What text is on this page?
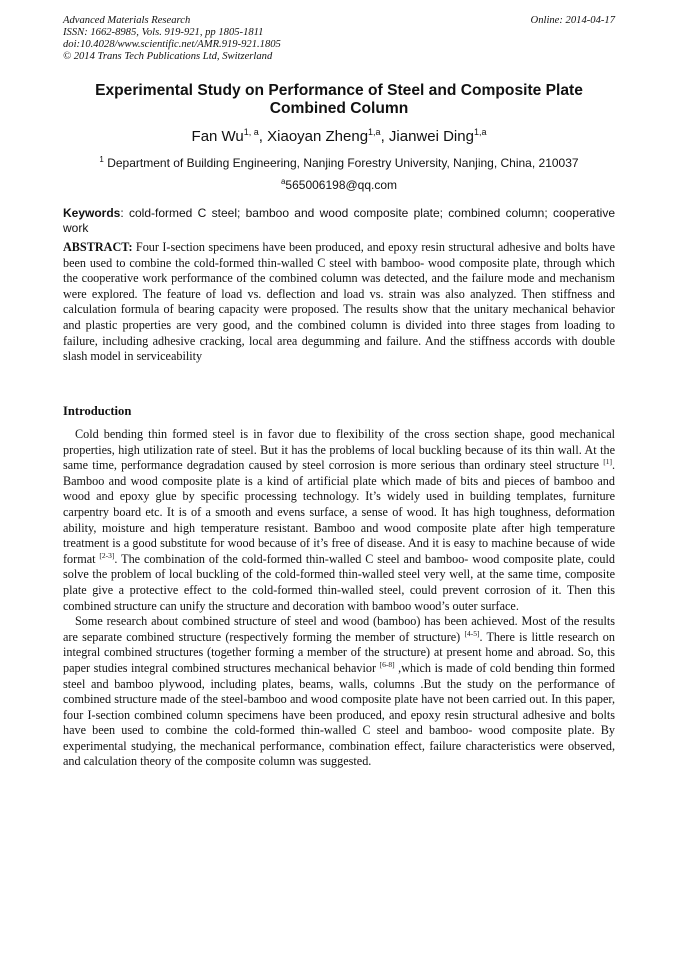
Advanced Materials Research
ISSN: 1662-8985, Vols. 919-921, pp 1805-1811
doi:10.4028/www.scientific.net/AMR.919-921.1805
© 2014 Trans Tech Publications Ltd, Switzerland
Online: 2014-04-17
Experimental Study on Performance of Steel and Composite Plate Combined Column
Fan Wu$^{1, a}$, Xiaoyan Zheng$^{1,a}$, Jianwei Ding$^{1,a}$
$^1$ Department of Building Engineering, Nanjing Forestry University, Nanjing, China, 210037
$^a$565006198@qq.com
Keywords: cold-formed C steel; bamboo and wood composite plate; combined column; cooperative work
ABSTRACT: Four I-section specimens have been produced, and epoxy resin structural adhesive and bolts have been used to combine the cold-formed thin-walled C steel with bamboo- wood composite plate, through which the cooperative work performance of the combined column was detected, and the failure mode and mechanism were explored. The feature of load vs. deflection and load vs. strain was also analyzed. Then stiffness and calculation formula of bearing capacity were proposed. The results show that the unitary mechanical behavior and plastic properties are very good, and the combined column is divided into three stages from loading to failure, including adhesive cracking, local area degumming and failure. And the stiffness accords with double slash model in serviceability
Introduction

Cold bending thin formed steel is in favor due to flexibility of the cross section shape, good mechanical properties, high utilization rate of steel. But it has the problems of local buckling because of its thin wall. At the same time, performance degradation caused by steel corrosion is more serious than ordinary steel structure [1]. Bamboo and wood composite plate is a kind of artificial plate which made of bits and pieces of bamboo and wood and epoxy glue by specific processing technology. It’s widely used in building templates, furniture carpentry board etc. It is of a smooth and evens surface, a sense of wood. It has high toughness, deformation ability, moisture and high temperature resistant. Bamboo and wood composite plate after high temperature treatment is a good substitute for wood because of it’s free of disease. And it is easy to machine because of wide format [2-3]. The combination of the cold-formed thin-walled C steel and bamboo- wood composite plate, could solve the problem of local buckling of the cold-formed thin-walled steel very well, at the same time, composite plate give a protective effect to the cold-formed thin-walled steel, could prevent corrosion of it. Then this combined structure can unify the structure and decoration with bamboo wood’s outer surface.

Some research about combined structure of steel and wood (bamboo) has been achieved. Most of the results are separate combined structure (respectively forming the member of structure) [4-5]. There is little research on integral combined structures (together forming a member of the structure) at present home and abroad. So, this paper studies integral combined structures mechanical behavior [6-8] ,which is made of cold bending thin formed steel and bamboo plywood, including plates, beams, walls, columns .But the study on the performance of combined structure made of the steel-bamboo and wood composite plate have not been carried out. In this paper, four I-section combined column specimens have been produced, and epoxy resin structural adhesive and bolts have been used to combine the cold-formed thin-walled C steel and bamboo- wood composite plate. By experimental studying, the mechanical performance, combination effect, failure characteristics were observed, and calculation theory of the composite column was suggested.
